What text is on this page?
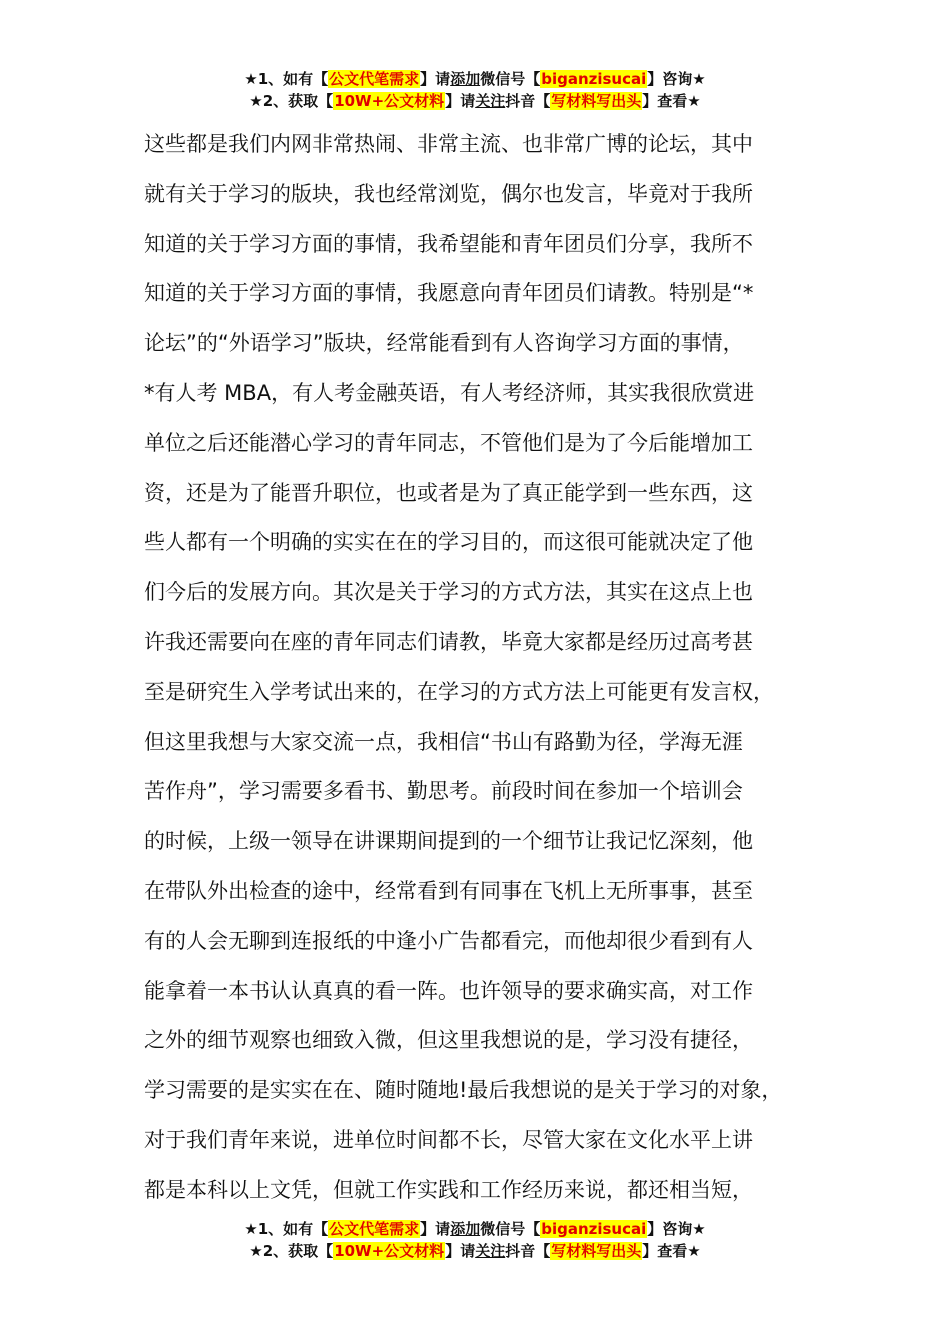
★1、如有【公文代笔需求】请添加微信号【biganzisucai】咨询★
★2、获取【10W+公文材料】请关注抖音【写材料写出头】查看★
这些都是我们内网非常热闹、非常主流、也非常广博的论坛，其中
就有关于学习的版块，我也经常浏览，偶尔也发言，毕竟对于我所
知道的关于学习方面的事情，我希望能和青年团员们分享，我所不
知道的关于学习方面的事情，我愿意向青年团员们请教。特别是“*
论坛”的“外语学习”版块，经常能看到有人咨询学习方面的事情，
*有人考 MBA，有人考金融英语，有人考经济师，其实我很欣赏进
单位之后还能潜心学习的青年同志，不管他们是为了今后能增加工
资，还是为了能晋升职位，也或者是为了真正能学到一些东西，这
些人都有一个明确的实实在在的学习目的，而这很可能就决定了他
们今后的发展方向。其次是关于学习的方式方法，其实在这点上也
许我还需要向在座的青年同志们请教，毕竟大家都是经历过高考甚
至是研究生入学考试出来的，在学习的方式方法上可能更有发言权，
但这里我想与大家交流一点，我相信“书山有路勤为径，学海无涯
苦作舟”，学习需要多看书、勤思考。前段时间在参加一个培训会
的时候，上级一领导在讲课期间提到的一个细节让我记忆深刻，他
在带队外出检查的途中，经常看到有同事在飞机上无所事事，甚至
有的人会无聊到连报纸的中逢小广告都看完，而他却很少看到有人
能拿着一本书认认真真的看一阵。也许领导的要求确实高，对工作
之外的细节观察也细致入微，但这里我想说的是，学习没有捷径，
学习需要的是实实在在、随时随地!最后我想说的是关于学习的对象，
对于我们青年来说，进单位时间都不长，尽管大家在文化水平上讲
都是本科以上文凭，但就工作实践和工作经历来说，都还相当短，
★1、如有【公文代笔需求】请添加微信号【biganzisucai】咨询★
★2、获取【10W+公文材料】请关注抖音【写材料写出头】查看★
